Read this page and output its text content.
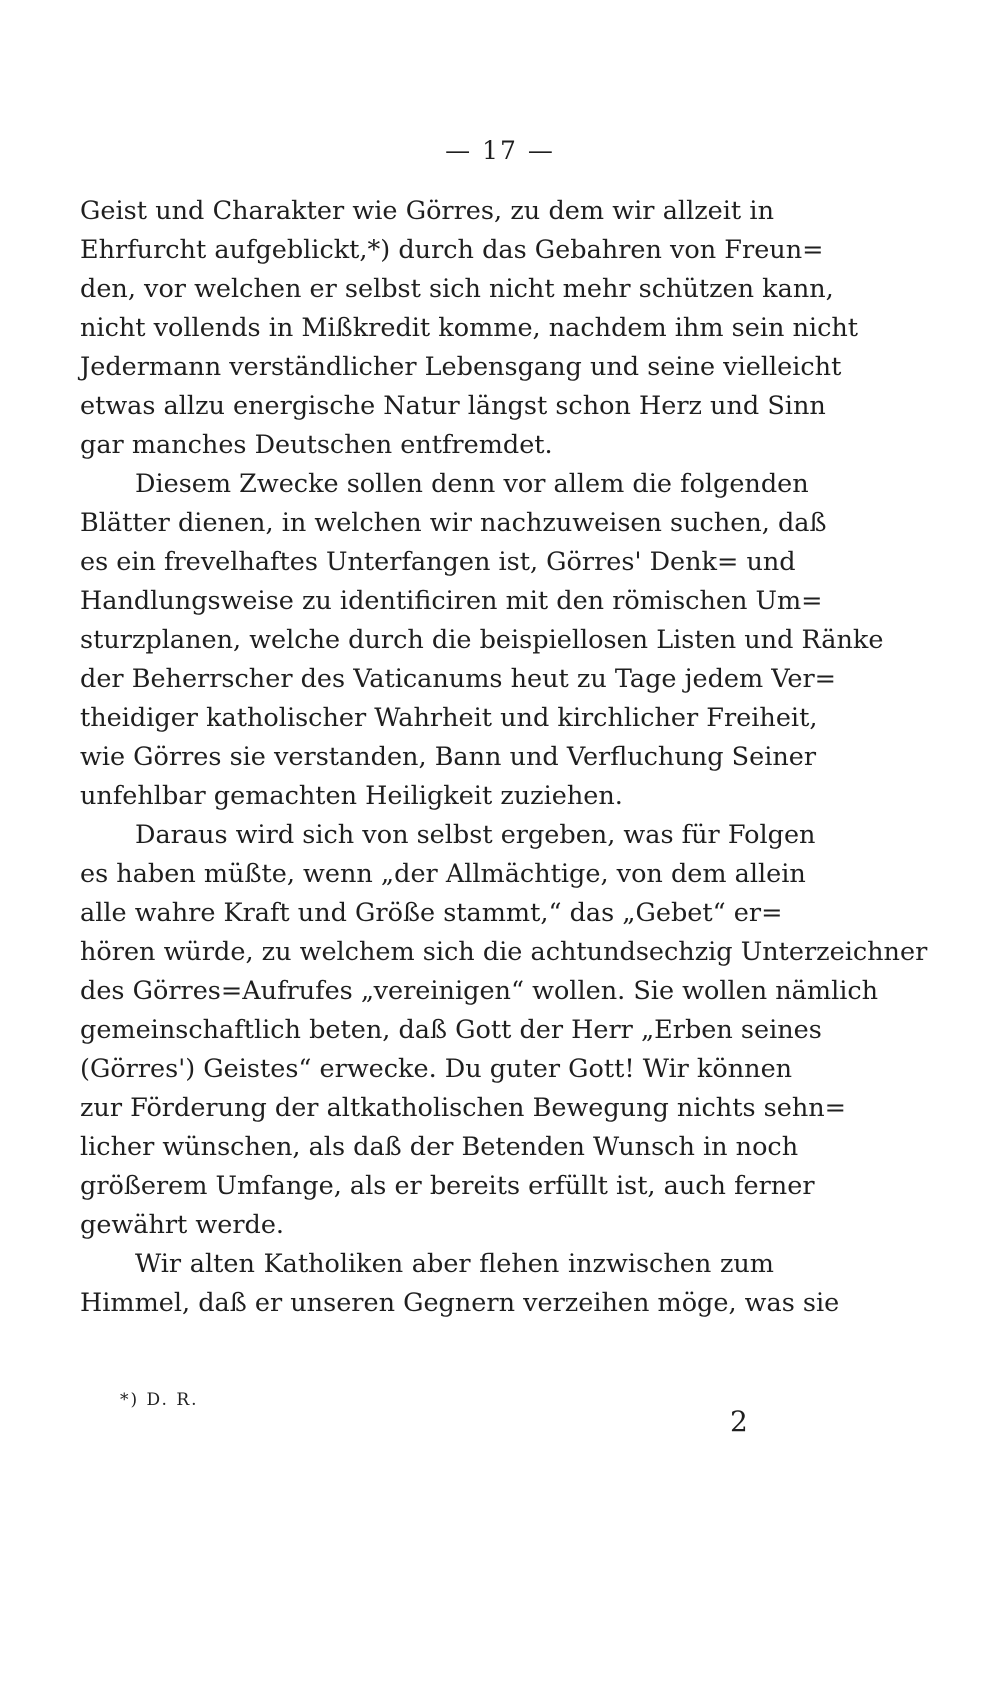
— 17 —
Geist und Charakter wie Görres, zu dem wir allzeit in
Ehrfurcht aufgeblickt,*) durch das Gebahren von Freun=
den, vor welchen er selbst sich nicht mehr schützen kann,
nicht vollends in Mißkredit komme, nachdem ihm sein nicht
Jedermann verständlicher Lebensgang und seine vielleicht
etwas allzu energische Natur längst schon Herz und Sinn
gar manches Deutschen entfremdet.
Diesem Zwecke sollen denn vor allem die folgenden
Blätter dienen, in welchen wir nachzuweisen suchen, daß
es ein frevelhaftes Unterfangen ist, Görres' Denk= und
Handlungsweise zu identificiren mit den römischen Um=
sturzplanen, welche durch die beispiellosen Listen und Ränke
der Beherrscher des Vaticanums heut zu Tage jedem Ver=
theidiger katholischer Wahrheit und kirchlicher Freiheit,
wie Görres sie verstanden, Bann und Verfluchung Seiner
unfehlbar gemachten Heiligkeit zuziehen.
Daraus wird sich von selbst ergeben, was für Folgen
es haben müßte, wenn „der Allmächtige, von dem allein
alle wahre Kraft und Größe stammt,“ das „Gebet“ er=
hören würde, zu welchem sich die achtundsechzig Unterzeichner
des Görres=Aufrufes „vereinigen“ wollen. Sie wollen nämlich
gemeinschaftlich beten, daß Gott der Herr „Erben seines
(Görres') Geistes“ erwecke. Du guter Gott! Wir können
zur Förderung der altkatholischen Bewegung nichts sehn=
licher wünschen, als daß der Betenden Wunsch in noch
größerem Umfange, als er bereits erfüllt ist, auch ferner
gewährt werde.
Wir alten Katholiken aber flehen inzwischen zum
Himmel, daß er unseren Gegnern verzeihen möge, was sie
*) D. R.
2
